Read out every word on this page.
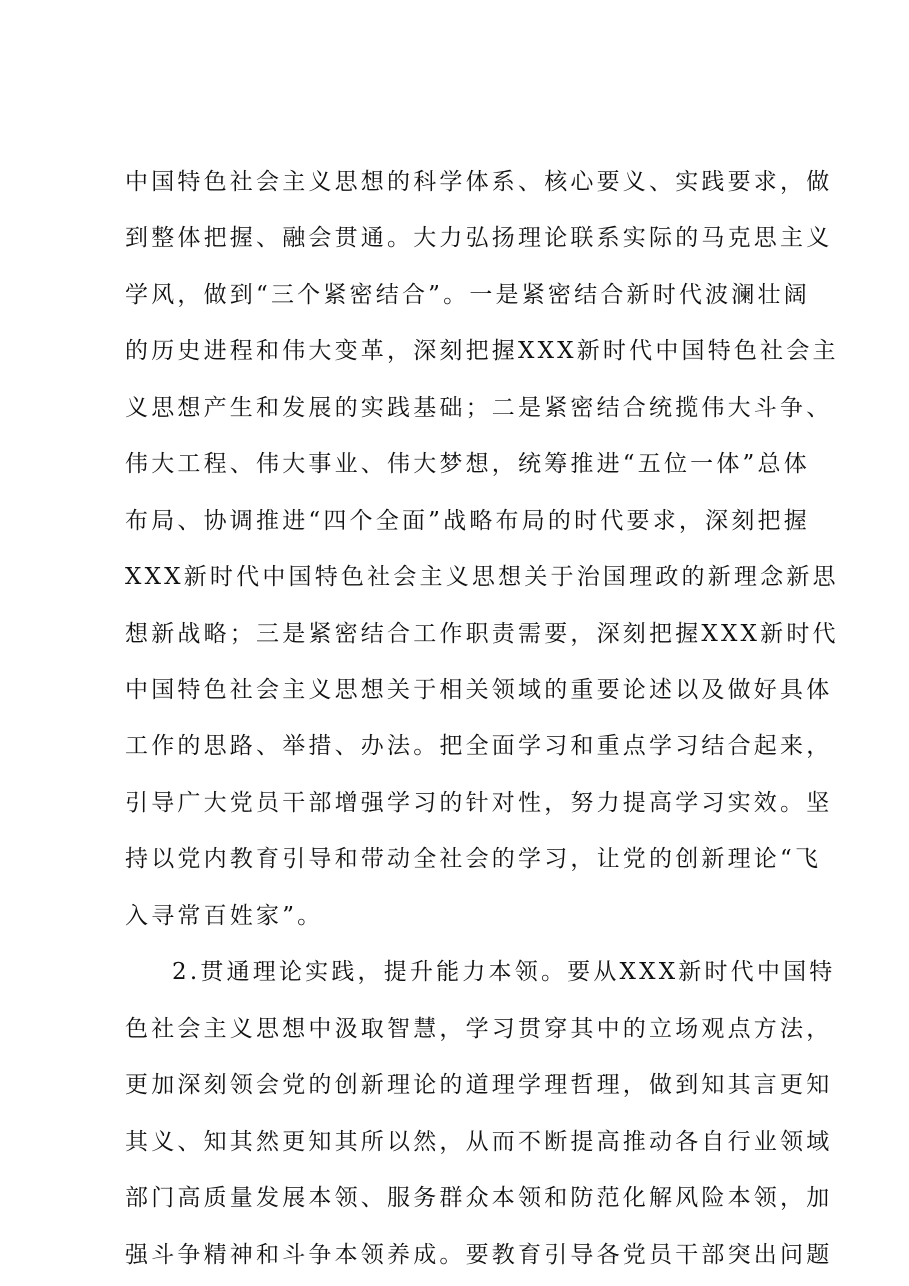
中国特色社会主义思想的科学体系、核心要义、实践要求，做
到整体把握、融会贯通。大力弘扬理论联系实际的马克思主义
学风，做到“三个紧密结合”。一是紧密结合新时代波澜壮阔
的历史进程和伟大变革，深刻把握XXX新时代中国特色社会主
义思想产生和发展的实践基础；二是紧密结合统揽伟大斗争、
伟大工程、伟大事业、伟大梦想，统筹推进“五位一体”总体
布局、协调推进“四个全面”战略布局的时代要求，深刻把握
XXX新时代中国特色社会主义思想关于治国理政的新理念新思
想新战略；三是紧密结合工作职责需要，深刻把握XXX新时代
中国特色社会主义思想关于相关领域的重要论述以及做好具体
工作的思路、举措、办法。把全面学习和重点学习结合起来，
引导广大党员干部增强学习的针对性，努力提高学习实效。坚
持以党内教育引导和带动全社会的学习，让党的创新理论“飞
入寻常百姓家”。
2.贯通理论实践，提升能力本领。要从XXX新时代中国特
色社会主义思想中汲取智慧，学习贯穿其中的立场观点方法，
更加深刻领会党的创新理论的道理学理哲理，做到知其言更知
其义、知其然更知其所以然，从而不断提高推动各自行业领域
部门高质量发展本领、服务群众本领和防范化解风险本领，加
强斗争精神和斗争本领养成。要教育引导各党员干部突出问题
